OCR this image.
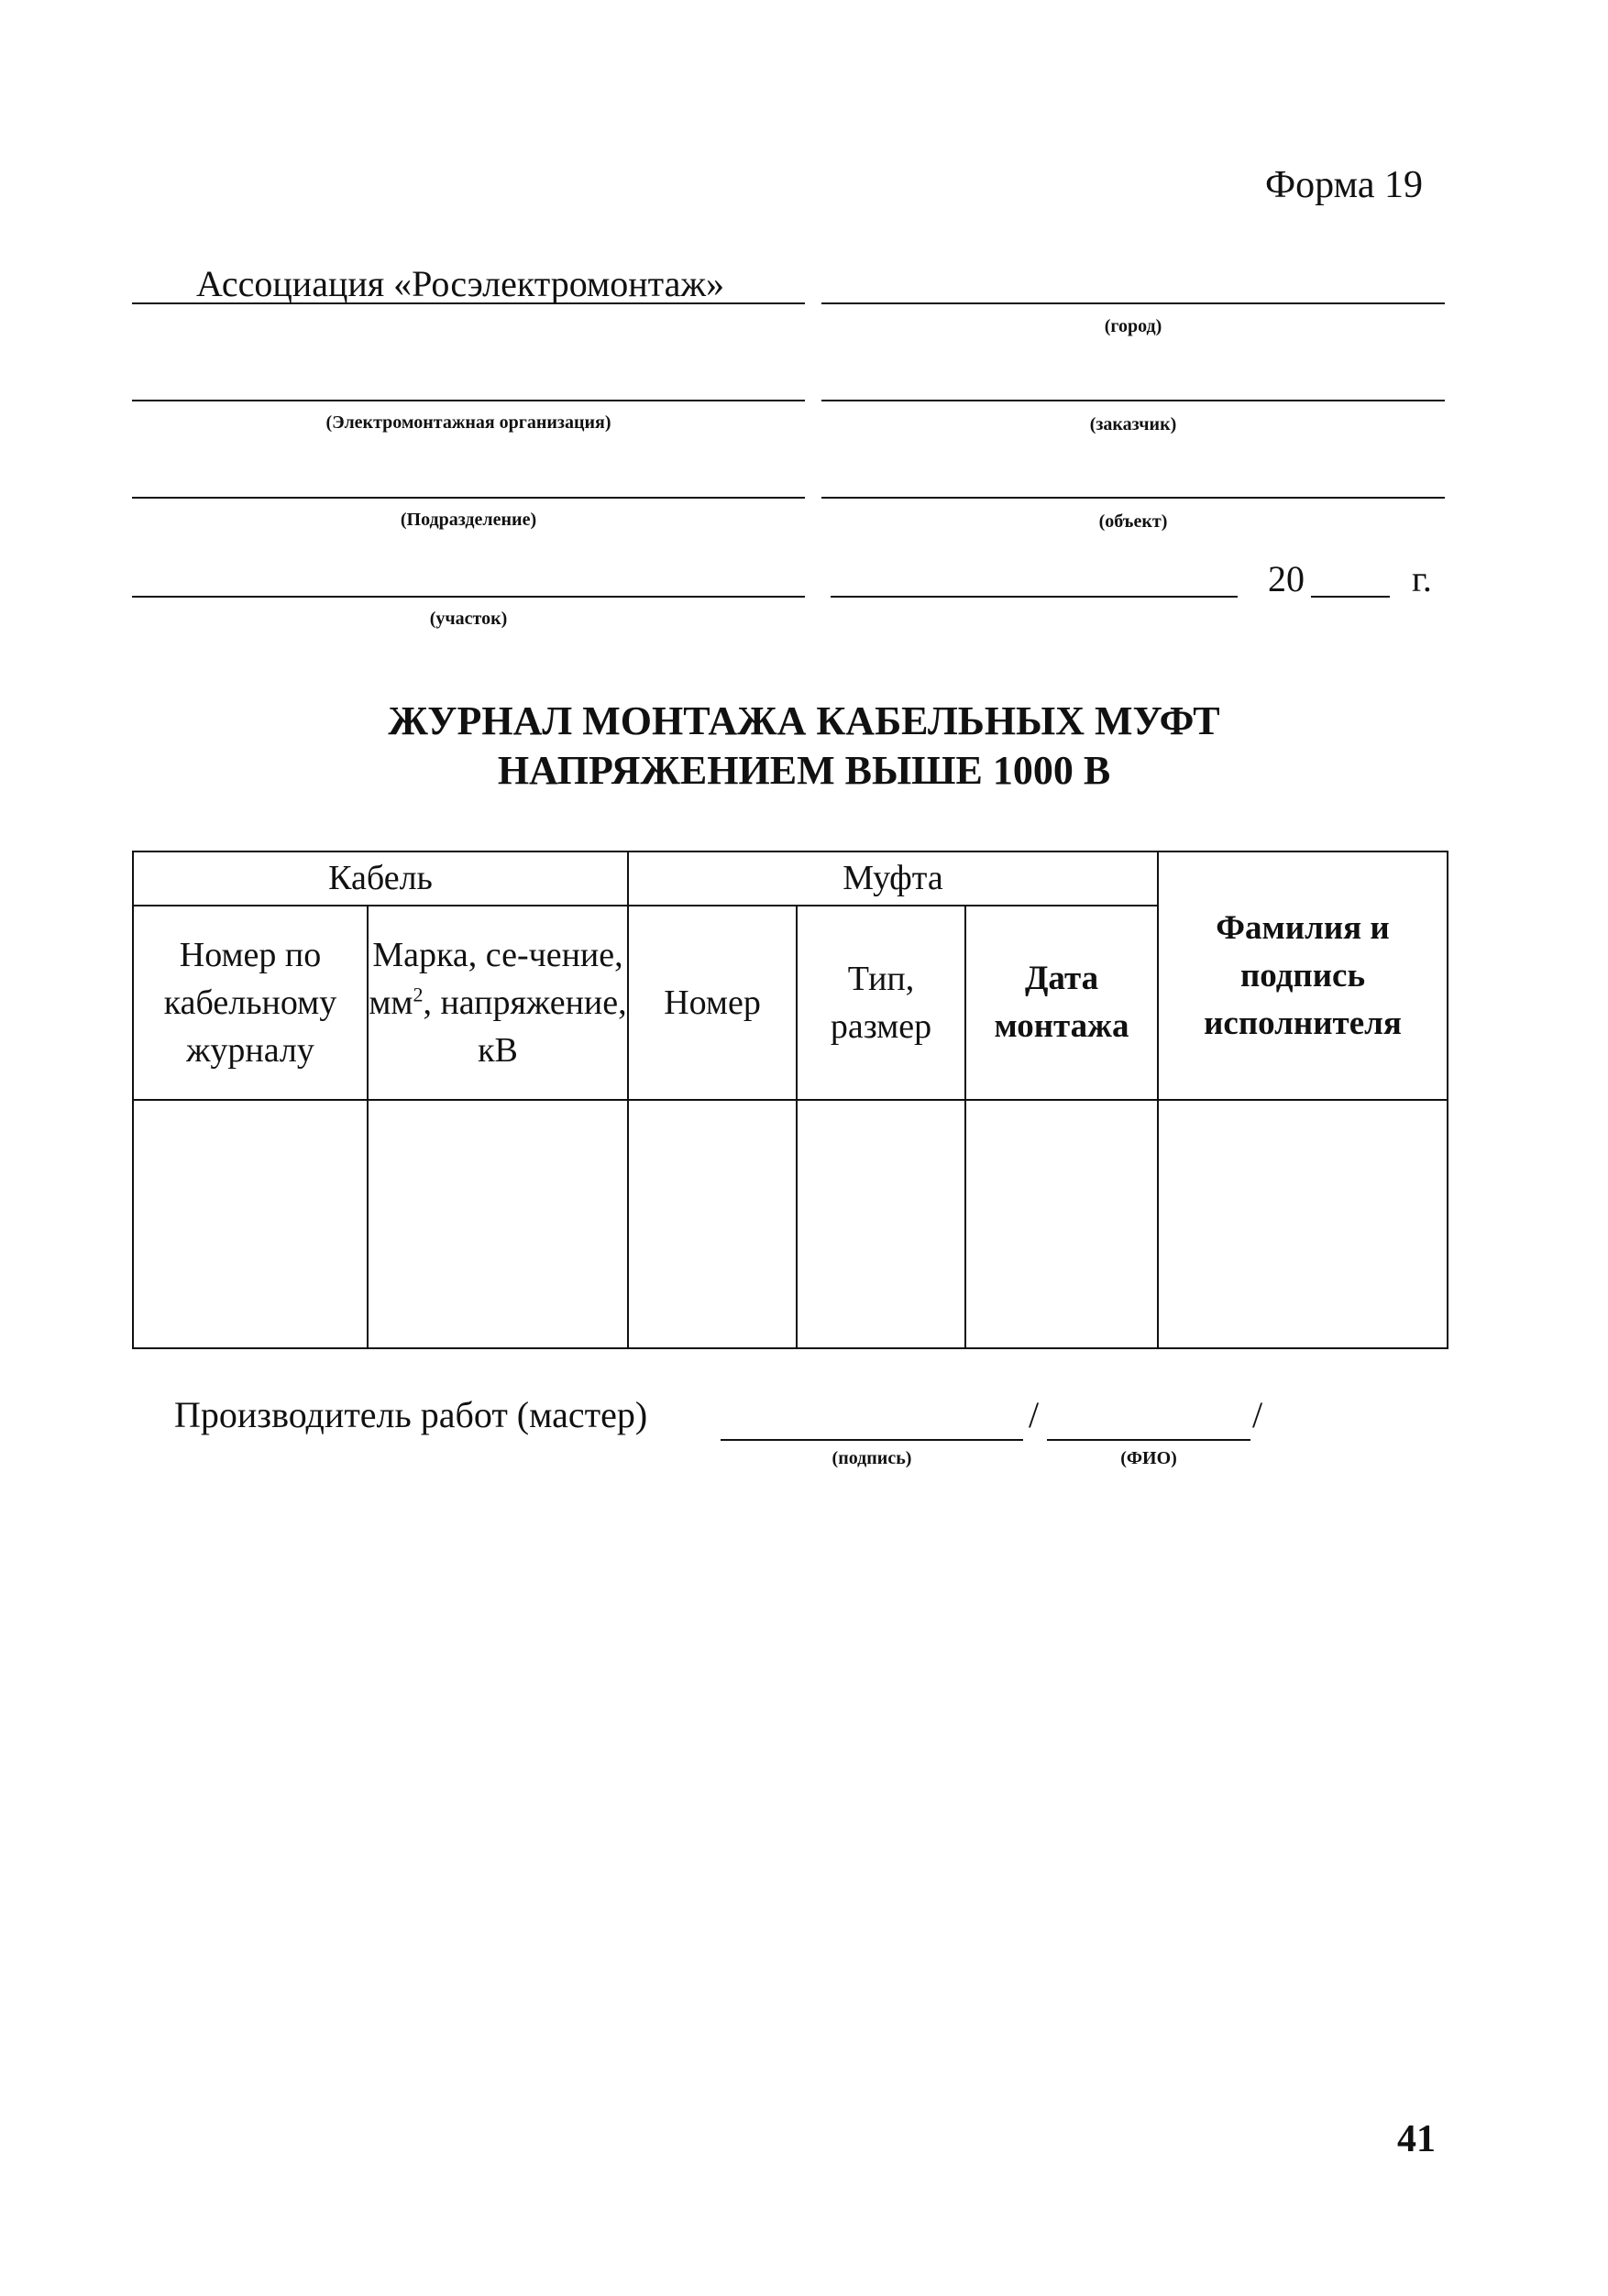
Форма 19
Ассоциация «Росэлектромонтаж»
(город)
(Электромонтажная организация)	(заказчик)
(Подразделение)	(объект)
(участок)
20	г.
ЖУРНАЛ МОНТАЖА КАБЕЛЬНЫХ МУФТ
НАПРЯЖЕНИЕМ ВЫШЕ 1000 В
Кабель		Муфта			Фамилия и подпись исполнителя
Номер по кабельному журналу	Марка, се-чение, $мм^2$, напряжение, кВ	Номер	Тип, размер	Дата монтажа	

Производитель работ (мастер)	/	/
(подпись)	(ФИО)
41
